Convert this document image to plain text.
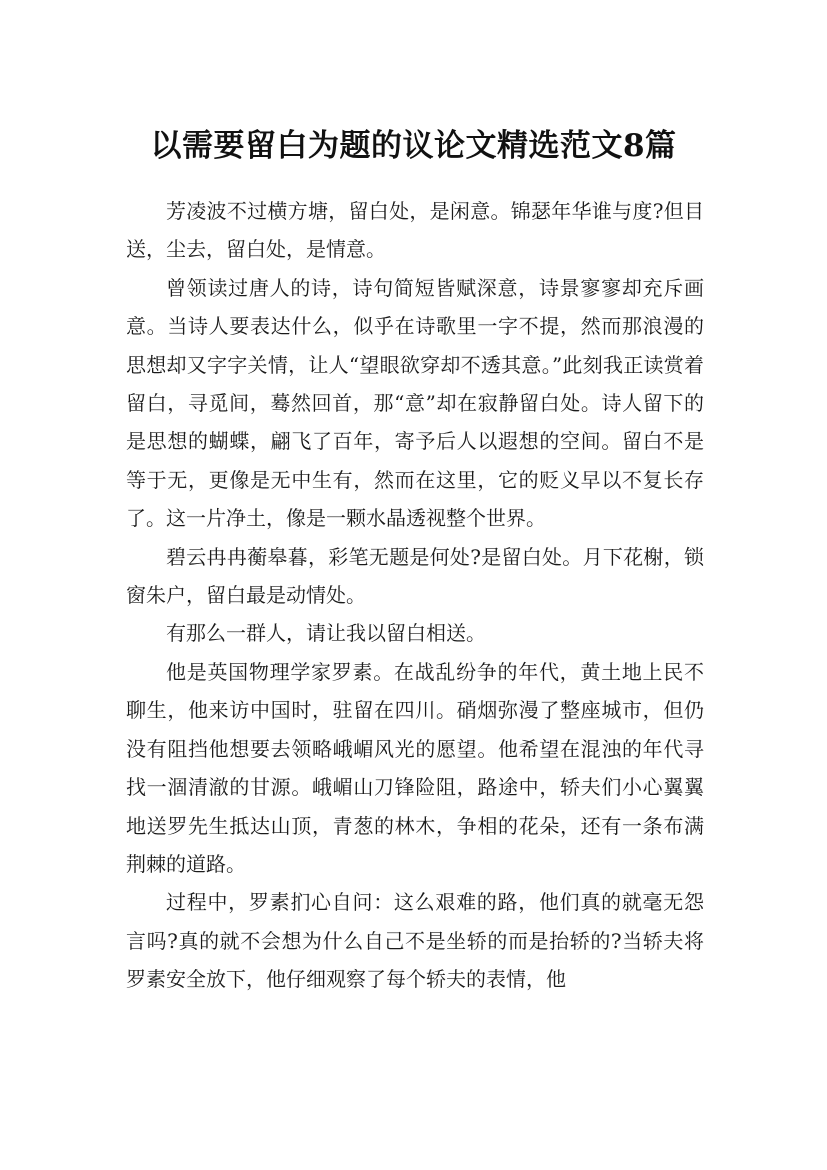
以需要留白为题的议论文精选范文8篇

芳凌波不过横方塘，留白处，是闲意。锦瑟年华谁与度?但目送，尘去，留白处，是情意。

曾领读过唐人的诗，诗句简短皆赋深意，诗景寥寥却充斥画意。当诗人要表达什么，似乎在诗歌里一字不提，然而那浪漫的思想却又字字关情，让人“望眼欲穿却不透其意。”此刻我正读赏着留白，寻觅间，蓦然回首，那“意”却在寂静留白处。诗人留下的是思想的蝴蝶，翩飞了百年，寄予后人以遐想的空间。留白不是等于无，更像是无中生有，然而在这里，它的贬义早以不复长存了。这一片净土，像是一颗水晶透视整个世界。

碧云冉冉蘅皋暮，彩笔无题是何处?是留白处。月下花榭，锁窗朱户，留白最是动情处。

有那么一群人，请让我以留白相送。

他是英国物理学家罗素。在战乱纷争的年代，黄土地上民不聊生，他来访中国时，驻留在四川。硝烟弥漫了整座城市，但仍没有阻挡他想要去领略峨嵋风光的愿望。他希望在混浊的年代寻找一涸清澈的甘源。峨嵋山刀锋险阻，路途中，轿夫们小心翼翼地送罗先生抵达山顶，青葱的林木，争相的花朵，还有一条布满荆棘的道路。

过程中，罗素扪心自问：这么艰难的路，他们真的就毫无怨言吗?真的就不会想为什么自己不是坐轿的而是抬轿的?当轿夫将罗素安全放下，他仔细观察了每个轿夫的表情，他
